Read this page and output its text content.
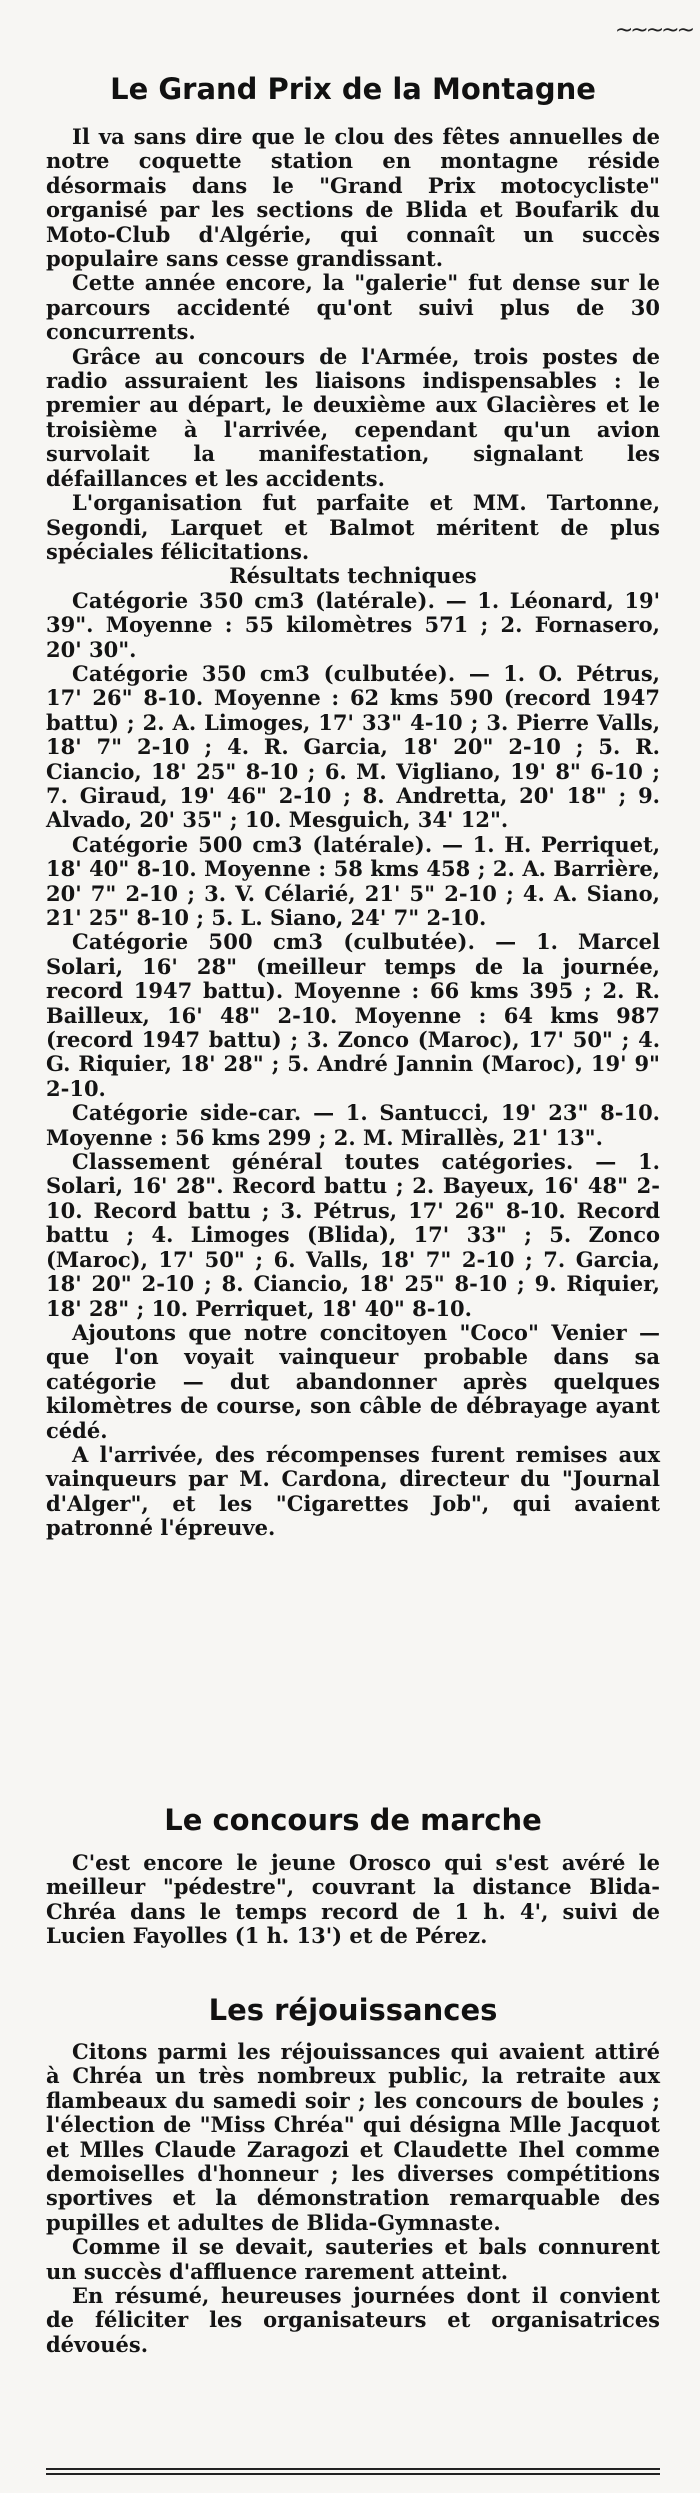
~~~~~
Le Grand Prix de la Montagne

Il va sans dire que le clou des fêtes annuelles de notre coquette station en montagne réside désormais dans le "Grand Prix motocycliste" organisé par les sections de Blida et Boufarik du Moto-Club d'Algérie, qui connaît un succès populaire sans cesse grandissant.

Cette année encore, la "galerie" fut dense sur le parcours accidenté qu'ont suivi plus de 30 concurrents.

Grâce au concours de l'Armée, trois postes de radio assuraient les liaisons indispensables : le premier au départ, le deuxième aux Glacières et le troisième à l'arrivée, cependant qu'un avion survolait la manifestation, signalant les défaillances et les accidents.

L'organisation fut parfaite et MM. Tartonne, Segondi, Larquet et Balmot méritent de plus spéciales félicitations.

Résultats techniques

Catégorie 350 cm3 (latérale). — 1. Léonard, 19' 39". Moyenne : 55 kilomètres 571 ; 2. Fornasero, 20' 30".

Catégorie 350 cm3 (culbutée). — 1. O. Pétrus, 17' 26" 8-10. Moyenne : 62 kms 590 (record 1947 battu) ; 2. A. Limoges, 17' 33" 4-10 ; 3. Pierre Valls, 18' 7" 2-10 ; 4. R. Garcia, 18' 20" 2-10 ; 5. R. Ciancio, 18' 25" 8-10 ; 6. M. Vigliano, 19' 8" 6-10 ; 7. Giraud, 19' 46" 2-10 ; 8. Andretta, 20' 18" ; 9. Alvado, 20' 35" ; 10. Mesguich, 34' 12".

Catégorie 500 cm3 (latérale). — 1. H. Perriquet, 18' 40" 8-10. Moyenne : 58 kms 458 ; 2. A. Barrière, 20' 7" 2-10 ; 3. V. Célarié, 21' 5" 2-10 ; 4. A. Siano, 21' 25" 8-10 ; 5. L. Siano, 24' 7" 2-10.

Catégorie 500 cm3 (culbutée). — 1. Marcel Solari, 16' 28" (meilleur temps de la journée, record 1947 battu). Moyenne : 66 kms 395 ; 2. R. Bailleux, 16' 48" 2-10. Moyenne : 64 kms 987 (record 1947 battu) ; 3. Zonco (Maroc), 17' 50" ; 4. G. Riquier, 18' 28" ; 5. André Jannin (Maroc), 19' 9" 2-10.

Catégorie side-car. — 1. Santucci, 19' 23" 8-10. Moyenne : 56 kms 299 ; 2. M. Mirallès, 21' 13".

Classement général toutes catégories. — 1. Solari, 16' 28". Record battu ; 2. Bayeux, 16' 48" 2-10. Record battu ; 3. Pétrus, 17' 26" 8-10. Record battu ; 4. Limoges (Blida), 17' 33" ; 5. Zonco (Maroc), 17' 50" ; 6. Valls, 18' 7" 2-10 ; 7. Garcia, 18' 20" 2-10 ; 8. Ciancio, 18' 25" 8-10 ; 9. Riquier, 18' 28" ; 10. Perriquet, 18' 40" 8-10.

Ajoutons que notre concitoyen "Coco" Venier — que l'on voyait vainqueur probable dans sa catégorie — dut abandonner après quelques kilomètres de course, son câble de débrayage ayant cédé.

A l'arrivée, des récompenses furent remises aux vainqueurs par M. Cardona, directeur du "Journal d'Alger", et les "Cigarettes Job", qui avaient patronné l'épreuve.

Le concours de marche

C'est encore le jeune Orosco qui s'est avéré le meilleur "pédestre", couvrant la distance Blida-Chréa dans le temps record de 1 h. 4', suivi de Lucien Fayolles (1 h. 13') et de Pérez.

Les réjouissances

Citons parmi les réjouissances qui avaient attiré à Chréa un très nombreux public, la retraite aux flambeaux du samedi soir ; les concours de boules ; l'élection de "Miss Chréa" qui désigna Mlle Jacquot et Mlles Claude Zaragozi et Claudette Ihel comme demoiselles d'honneur ; les diverses compétitions sportives et la démonstration remarquable des pupilles et adultes de Blida-Gymnaste.

Comme il se devait, sauteries et bals connurent un succès d'affluence rarement atteint.

En résumé, heureuses journées dont il convient de féliciter les organisateurs et organisatrices dévoués.
